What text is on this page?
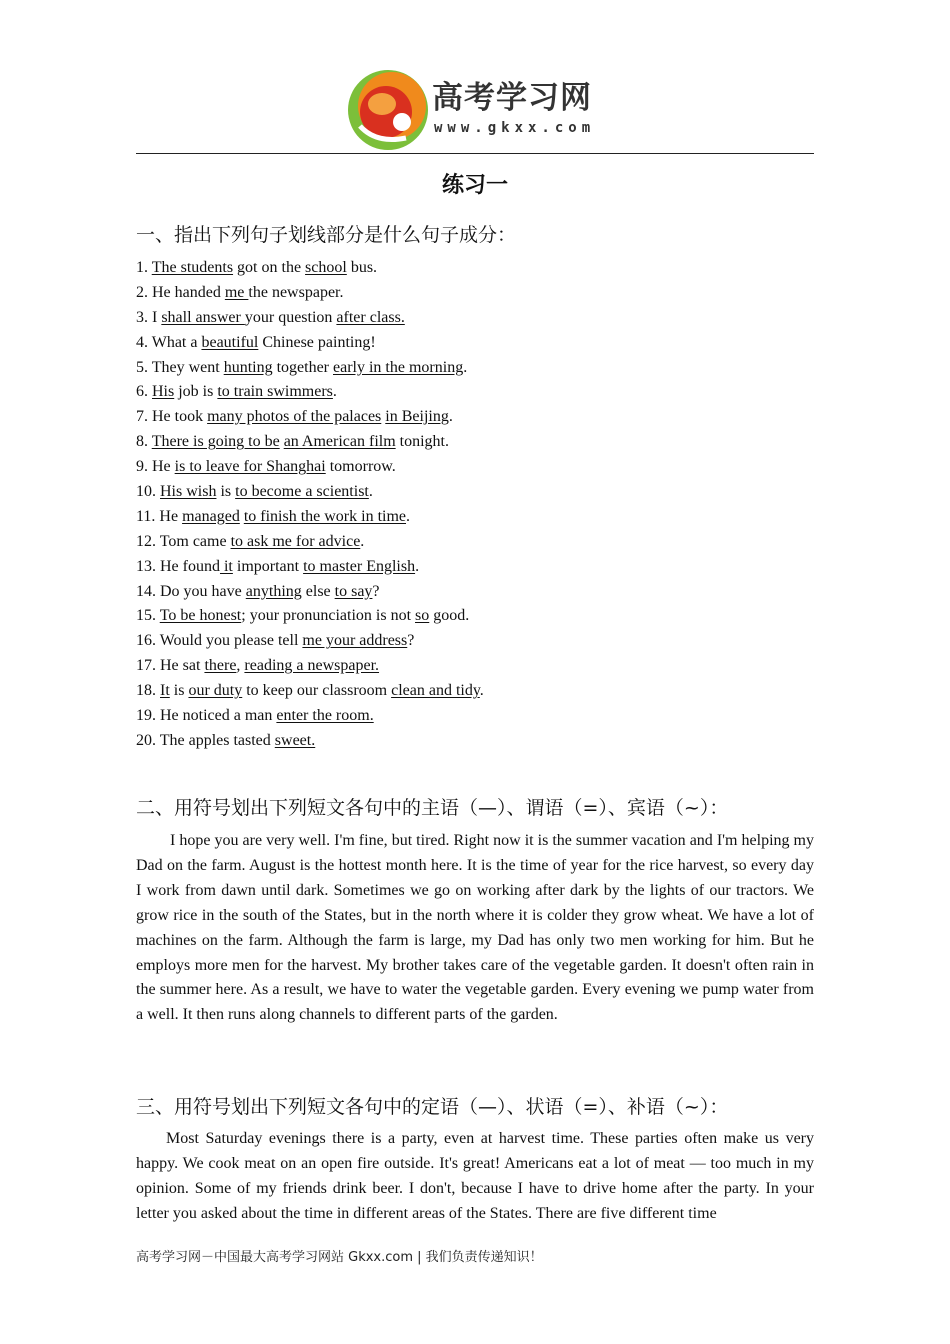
高考学习网
www.gkxx.com
练习一
一、指出下列句子划线部分是什么句子成分：
1. The students got on the school bus.
2. He handed me the newspaper.
3. I shall answer your question after class.
4. What a beautiful Chinese painting!
5. They went hunting together early in the morning.
6. His job is to train swimmers.
7. He took many photos of the palaces in Beijing.
8. There is going to be an American film tonight.
9. He is to leave for Shanghai tomorrow.
10. His wish is to become a scientist.
11. He managed to finish the work in time.
12. Tom came to ask me for advice.
13. He found it important to master English.
14. Do you have anything else to say?
15. To be honest; your pronunciation is not so good.
16. Would you please tell me your address?
17. He sat there, reading a newspaper.
18. It is our duty to keep our classroom clean and tidy.
19. He noticed a man enter the room.
20. The apples tasted sweet.
二、用符号划出下列短文各句中的主语（—）、谓语（=）、宾语（~）：

I hope you are very well. I'm fine, but tired. Right now it is the summer vacation and I'm helping my Dad on the farm. August is the hottest month here. It is the time of year for the rice harvest, so every day I work from dawn until dark. Sometimes we go on working after dark by the lights of our tractors. We grow rice in the south of the States, but in the north where it is colder they grow wheat. We have a lot of machines on the farm. Although the farm is large, my Dad has only two men working for him. But he employs more men for the harvest. My brother takes care of the vegetable garden. It doesn't often rain in the summer here. As a result, we have to water the vegetable garden. Every evening we pump water from a well. It then runs along channels to different parts of the garden.

三、用符号划出下列短文各句中的定语（—）、状语（=）、补语（~）：

Most Saturday evenings there is a party, even at harvest time. These parties often make us very happy. We cook meat on an open fire outside. It's great! Americans eat a lot of meat — too much in my opinion. Some of my friends drink beer. I don't, because I have to drive home after the party. In your letter you asked about the time in different areas of the States. There are five different time

高考学习网－中国最大高考学习网站 Gkxx.com | 我们负责传递知识！
